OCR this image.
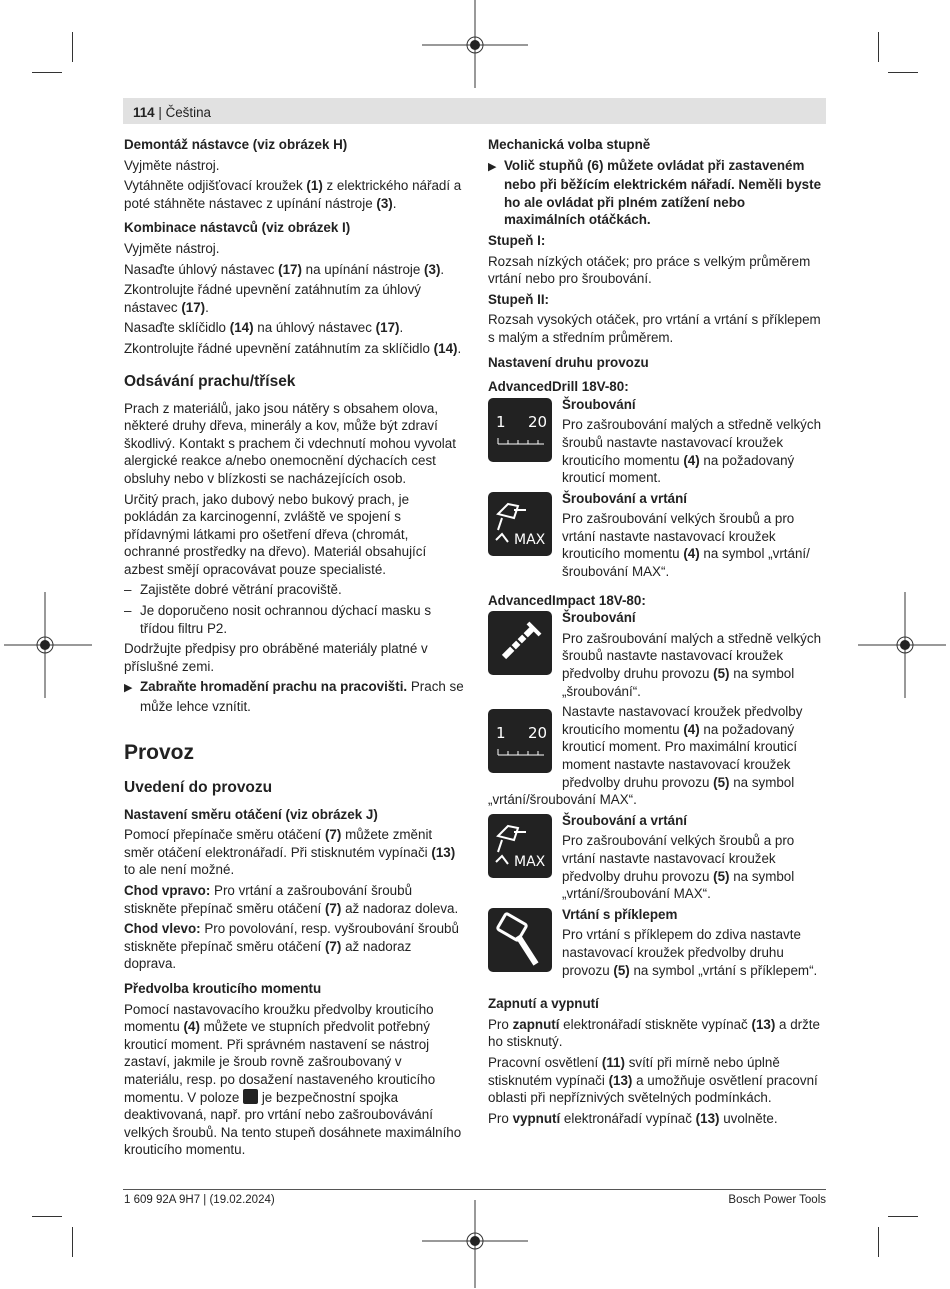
114 | Čeština
Demontáž nástavce (viz obrázek H)
Vyjměte nástroj.
Vytáhněte odjišťovací kroužek (1) z elektrického nářadí a poté stáhněte nástavec z upínání nástroje (3).
Kombinace nástavců (viz obrázek I)
Vyjměte nástroj.
Nasaďte úhlový nástavec (17) na upínání nástroje (3).
Zkontrolujte řádné upevnění zatáhnutím za úhlový nástavec (17).
Nasaďte sklíčidlo (14) na úhlový nástavec (17).
Zkontrolujte řádné upevnění zatáhnutím za sklíčidlo (14).
Odsávání prachu/třísek
Prach z materiálů, jako jsou nátěry s obsahem olova, některé druhy dřeva, minerály a kov, může být zdraví škodlivý. Kontakt s prachem či vdechnutí mohou vyvolat alergické reakce a/nebo onemocnění dýchacích cest obsluhy nebo v blízkosti se nacházejících osob.
Určitý prach, jako dubový nebo bukový prach, je pokládán za karcinogenní, zvláště ve spojení s přídavnými látkami pro ošetření dřeva (chromát, ochranné prostředky na dřevo). Materiál obsahující azbest smějí opracovávat pouze specialisté.
– Zajistěte dobré větrání pracoviště.
– Je doporučeno nosit ochrannou dýchací masku s třídou filtru P2.
Dodržujte předpisy pro obráběné materiály platné v příslušné zemi.
▶ Zabraňte hromadění prachu na pracovišti. Prach se může lehce vznítit.
Provoz
Uvedení do provozu
Nastavení směru otáčení (viz obrázek J)
Pomocí přepínače směru otáčení (7) můžete změnit směr otáčení elektronářadí. Při stisknutém vypínači (13) to ale není možné.
Chod vpravo: Pro vrtání a zašroubování šroubů stiskněte přepínač směru otáčení (7) až nadoraz doleva.
Chod vlevo: Pro povolování, resp. vyšroubování šroubů stiskněte přepínač směru otáčení (7) až nadoraz doprava.
Předvolba krouticího momentu
Pomocí nastavovacího kroužku předvolby krouticího momentu (4) můžete ve stupních předvolit potřebný krouticí moment. Při správném nastavení se nástroj zastaví, jakmile je šroub rovně zašroubovaný v materiálu, resp. po dosažení nastaveného krouticího momentu. V poloze  je bezpečnostní spojka deaktivovaná, např. pro vrtání nebo zašroubovávání velkých šroubů. Na tento stupeň dosáhnete maximálního krouticího momentu.
Mechanická volba stupně
▶ Volič stupňů (6) můžete ovládat při zastaveném nebo při běžícím elektrickém nářadí. Neměli byste ho ale ovládat při plném zatížení nebo maximálních otáčkách.
Stupeň I:
Rozsah nízkých otáček; pro práce s velkým průměrem vrtání nebo pro šroubování.
Stupeň II:
Rozsah vysokých otáček, pro vrtání a vrtání s příklepem s malým a středním průměrem.
Nastavení druhu provozu
AdvancedDrill 18V-80:
1 20
Šroubování
Pro zašroubování malých a středně velkých šroubů nastavte nastavovací kroužek krouticího momentu (4) na požadovaný krouticí moment.
MAX
Šroubování a vrtání
Pro zašroubování velkých šroubů a pro vrtání nastavte nastavovací kroužek krouticího momentu (4) na symbol „vrtání/šroubování MAX“.
AdvancedImpact 18V-80:
Šroubování
Pro zašroubování malých a středně velkých šroubů nastavte nastavovací kroužek předvolby druhu provozu (5) na symbol „šroubování“.
1 20
Nastavte nastavovací kroužek předvolby krouticího momentu (4) na požadovaný krouticí moment. Pro maximální krouticí moment nastavte nastavovací kroužek předvolby druhu provozu (5) na symbol
„vrtání/šroubování MAX“.
MAX
Šroubování a vrtání
Pro zašroubování velkých šroubů a pro vrtání nastavte nastavovací kroužek předvolby druhu provozu (5) na symbol „vrtání/šroubování MAX“.
Vrtání s příklepem
Pro vrtání s příklepem do zdiva nastavte nastavovací kroužek předvolby druhu provozu (5) na symbol „vrtání s příklepem“.
Zapnutí a vypnutí
Pro zapnutí elektronářadí stiskněte vypínač (13) a držte ho stisknutý.
Pracovní osvětlení (11) svítí při mírně nebo úplně stisknutém vypínači (13) a umožňuje osvětlení pracovní oblasti při nepříznivých světelných podmínkách.
Pro vypnutí elektronářadí vypínač (13) uvolněte.
1 609 92A 9H7 | (19.02.2024)	Bosch Power Tools
